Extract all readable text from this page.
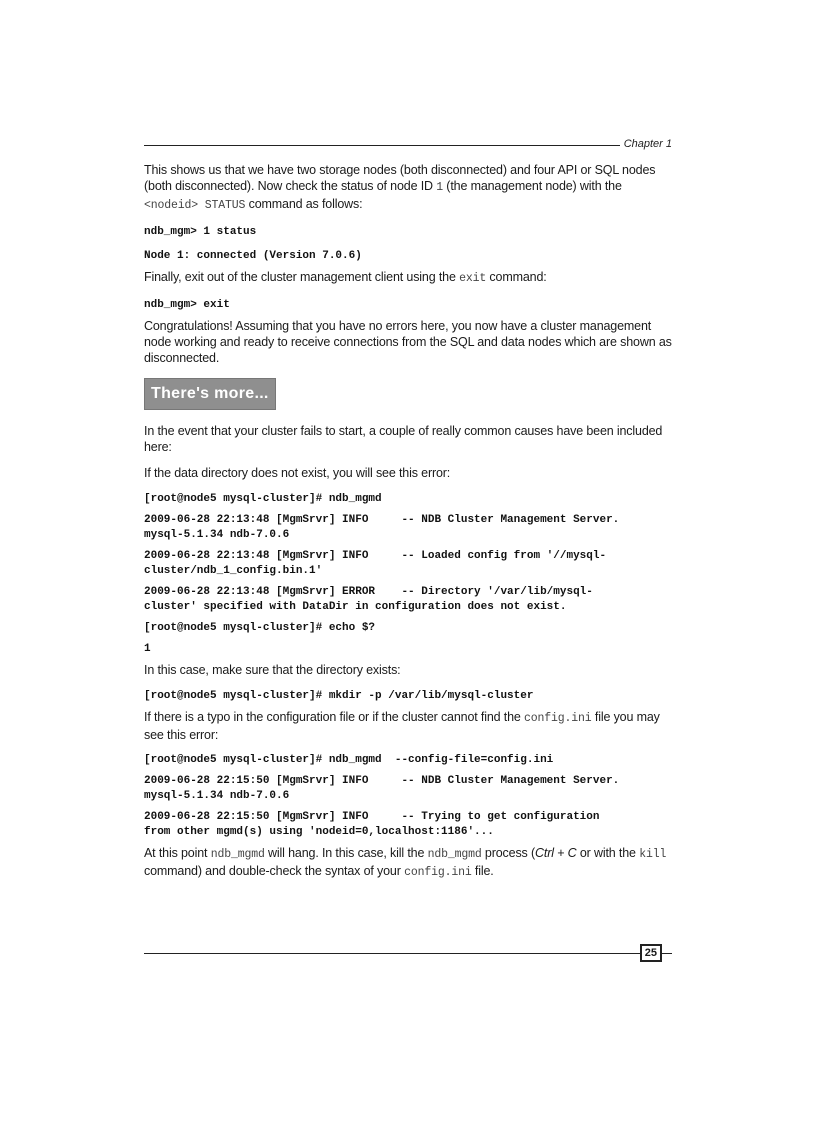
Chapter 1

This shows us that we have two storage nodes (both disconnected) and four API or SQL nodes (both disconnected). Now check the status of node ID 1 (the management node) with the <nodeid> STATUS command as follows:

ndb_mgm> 1 status
Node 1: connected (Version 7.0.6)

Finally, exit out of the cluster management client using the exit command:

ndb_mgm> exit

Congratulations! Assuming that you have no errors here, you now have a cluster management node working and ready to receive connections from the SQL and data nodes which are shown as disconnected.

There's more...

In the event that your cluster fails to start, a couple of really common causes have been included here:

If the data directory does not exist, you will see this error:

[root@node5 mysql-cluster]# ndb_mgmd
2009-06-28 22:13:48 [MgmSrvr] INFO     -- NDB Cluster Management Server.
mysql-5.1.34 ndb-7.0.6
2009-06-28 22:13:48 [MgmSrvr] INFO     -- Loaded config from '//mysql-
cluster/ndb_1_config.bin.1'
2009-06-28 22:13:48 [MgmSrvr] ERROR    -- Directory '/var/lib/mysql-
cluster' specified with DataDir in configuration does not exist.
[root@node5 mysql-cluster]# echo $?
1

In this case, make sure that the directory exists:

[root@node5 mysql-cluster]# mkdir -p /var/lib/mysql-cluster

If there is a typo in the configuration file or if the cluster cannot find the config.ini file you may see this error:

[root@node5 mysql-cluster]# ndb_mgmd  --config-file=config.ini
2009-06-28 22:15:50 [MgmSrvr] INFO     -- NDB Cluster Management Server.
mysql-5.1.34 ndb-7.0.6
2009-06-28 22:15:50 [MgmSrvr] INFO     -- Trying to get configuration
from other mgmd(s) using 'nodeid=0,localhost:1186'...

At this point ndb_mgmd will hang. In this case, kill the ndb_mgmd process (Ctrl + C or with the kill command) and double-check the syntax of your config.ini file.

25
